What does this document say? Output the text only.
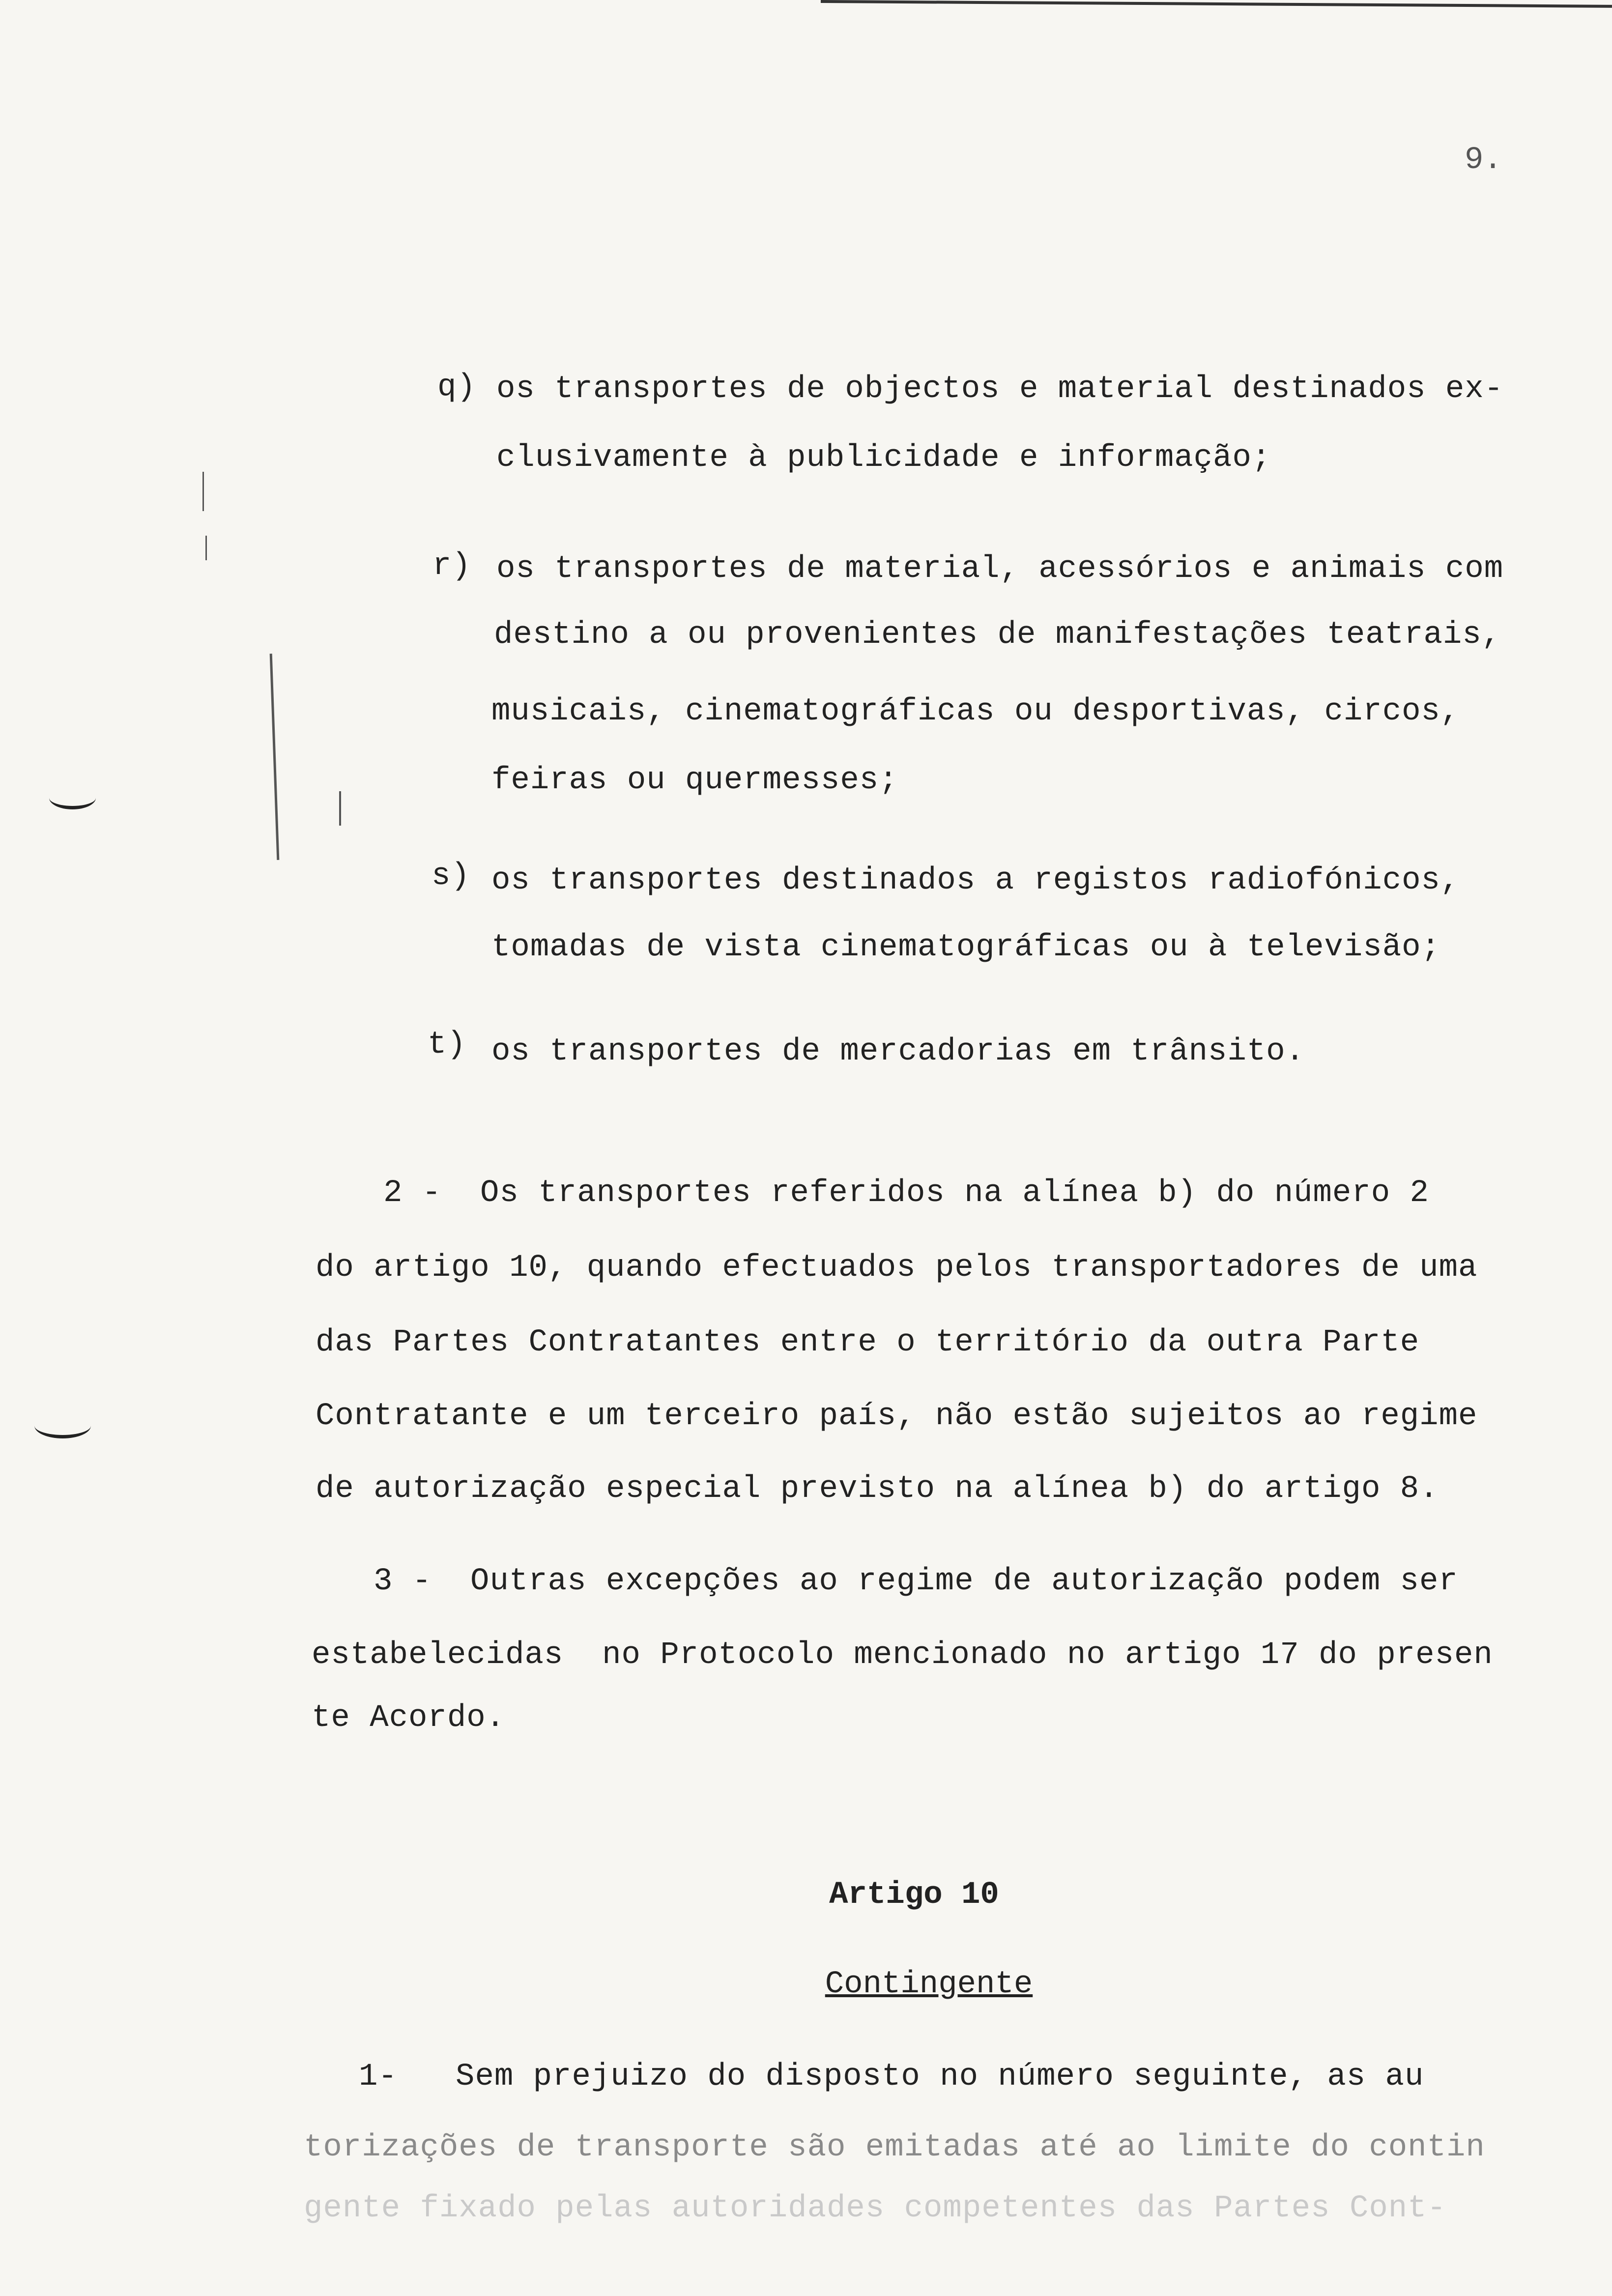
9.
q) os transportes de objectos e material destinados ex-
clusivamente à publicidade e informação;
r) os transportes de material, acessórios e animais com
destino a ou provenientes de manifestações teatrais,
musicais, cinematográficas ou desportivas, circos,
feiras ou quermesses;
s) os transportes destinados a registos radiofónicos,
tomadas de vista cinematográficas ou à televisão;
t) os transportes de mercadorias em trânsito.
2 -  Os transportes referidos na alínea b) do número 2
do artigo 10, quando efectuados pelos transportadores de uma
das Partes Contratantes entre o território da outra Parte
Contratante e um terceiro país, não estão sujeitos ao regime
de autorização especial previsto na alínea b) do artigo 8.
3 -  Outras excepções ao regime de autorização podem ser
estabelecidas  no Protocolo mencionado no artigo 17 do presen
te Acordo.
Artigo 10
Contingente
1-   Sem prejuizo do disposto no número seguinte, as au
torizações de transporte são emitadas até ao limite do contin
gente fixado pelas autoridades competentes das Partes Cont-
